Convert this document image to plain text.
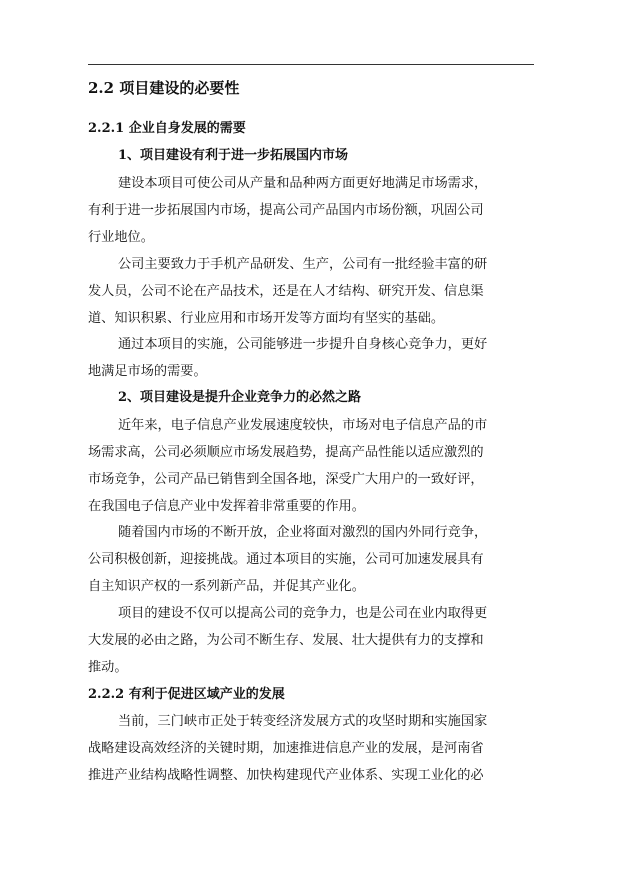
2.2 项目建设的必要性
2.2.1 企业自身发展的需要
1、项目建设有利于进一步拓展国内市场
建设本项目可使公司从产量和品种两方面更好地满足市场需求，
有利于进一步拓展国内市场，提高公司产品国内市场份额，巩固公司
行业地位。
公司主要致力于手机产品研发、生产，公司有一批经验丰富的研
发人员，公司不论在产品技术，还是在人才结构、研究开发、信息渠
道、知识积累、行业应用和市场开发等方面均有坚实的基础。
通过本项目的实施，公司能够进一步提升自身核心竞争力，更好
地满足市场的需要。
2、项目建设是提升企业竞争力的必然之路
近年来，电子信息产业发展速度较快，市场对电子信息产品的市
场需求高，公司必须顺应市场发展趋势，提高产品性能以适应激烈的
市场竞争，公司产品已销售到全国各地，深受广大用户的一致好评，
在我国电子信息产业中发挥着非常重要的作用。
随着国内市场的不断开放，企业将面对激烈的国内外同行竞争，
公司积极创新，迎接挑战。通过本项目的实施，公司可加速发展具有
自主知识产权的一系列新产品，并促其产业化。
项目的建设不仅可以提高公司的竞争力，也是公司在业内取得更
大发展的必由之路，为公司不断生存、发展、壮大提供有力的支撑和
推动。
2.2.2 有利于促进区域产业的发展
当前，三门峡市正处于转变经济发展方式的攻坚时期和实施国家
战略建设高效经济的关键时期，加速推进信息产业的发展，是河南省
推进产业结构战略性调整、加快构建现代产业体系、实现工业化的必
